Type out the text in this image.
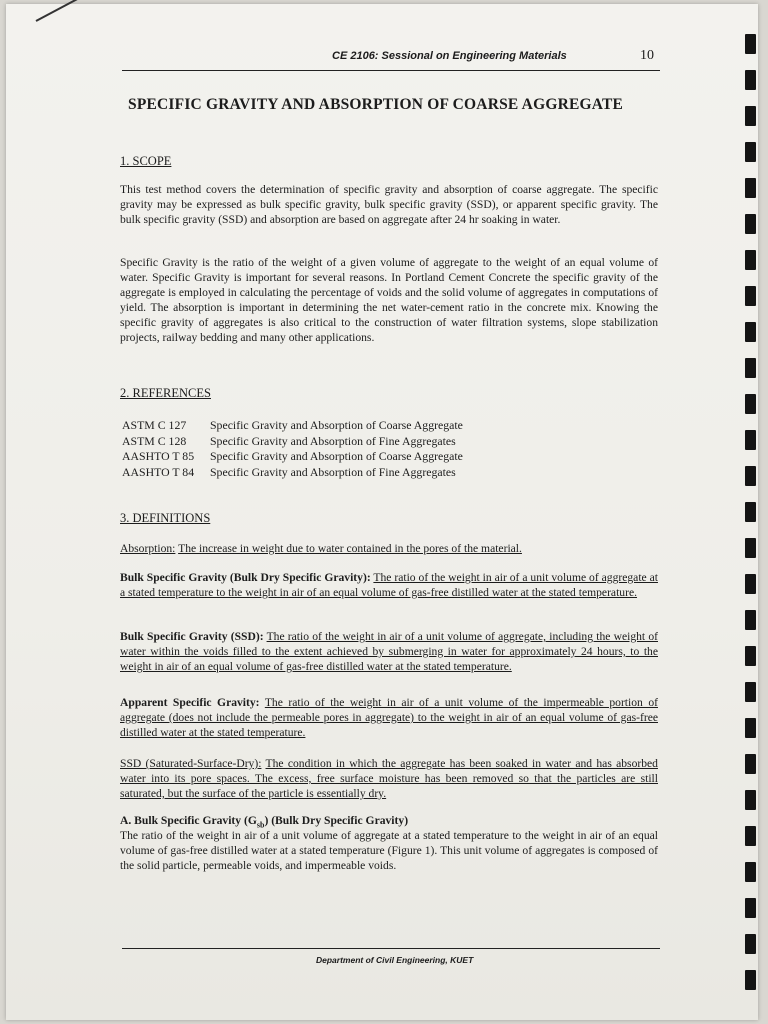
CE 2106: Sessional on Engineering Materials	10
SPECIFIC GRAVITY AND ABSORPTION OF COARSE AGGREGATE
1. SCOPE
This test method covers the determination of specific gravity and absorption of coarse aggregate. The specific gravity may be expressed as bulk specific gravity, bulk specific gravity (SSD), or apparent specific gravity. The bulk specific gravity (SSD) and absorption are based on aggregate after 24 hr soaking in water.
Specific Gravity is the ratio of the weight of a given volume of aggregate to the weight of an equal volume of water. Specific Gravity is important for several reasons. In Portland Cement Concrete the specific gravity of the aggregate is employed in calculating the percentage of voids and the solid volume of aggregates in computations of yield. The absorption is important in determining the net water-cement ratio in the concrete mix. Knowing the specific gravity of aggregates is also critical to the construction of water filtration systems, slope stabilization projects, railway bedding and many other applications.
2. REFERENCES
ASTM C 127 Specific Gravity and Absorption of Coarse Aggregate
ASTM C 128 Specific Gravity and Absorption of Fine Aggregates
AASHTO T 85 Specific Gravity and Absorption of Coarse Aggregate
AASHTO T 84 Specific Gravity and Absorption of Fine Aggregates
3. DEFINITIONS
Absorption: The increase in weight due to water contained in the pores of the material.
Bulk Specific Gravity (Bulk Dry Specific Gravity): The ratio of the weight in air of a unit volume of aggregate at a stated temperature to the weight in air of an equal volume of gas-free distilled water at the stated temperature.
Bulk Specific Gravity (SSD): The ratio of the weight in air of a unit volume of aggregate, including the weight of water within the voids filled to the extent achieved by submerging in water for approximately 24 hours, to the weight in air of an equal volume of gas-free distilled water at the stated temperature.
Apparent Specific Gravity: The ratio of the weight in air of a unit volume of the impermeable portion of aggregate (does not include the permeable pores in aggregate) to the weight in air of an equal volume of gas-free distilled water at the stated temperature.
SSD (Saturated-Surface-Dry): The condition in which the aggregate has been soaked in water and has absorbed water into its pore spaces. The excess, free surface moisture has been removed so that the particles are still saturated, but the surface of the particle is essentially dry.
A. Bulk Specific Gravity $(G_{sb})$ (Bulk Dry Specific Gravity)
The ratio of the weight in air of a unit volume of aggregate at a stated temperature to the weight in air of an equal volume of gas-free distilled water at a stated temperature (Figure 1). This unit volume of aggregates is composed of the solid particle, permeable voids, and impermeable voids.
Department of Civil Engineering, KUET
